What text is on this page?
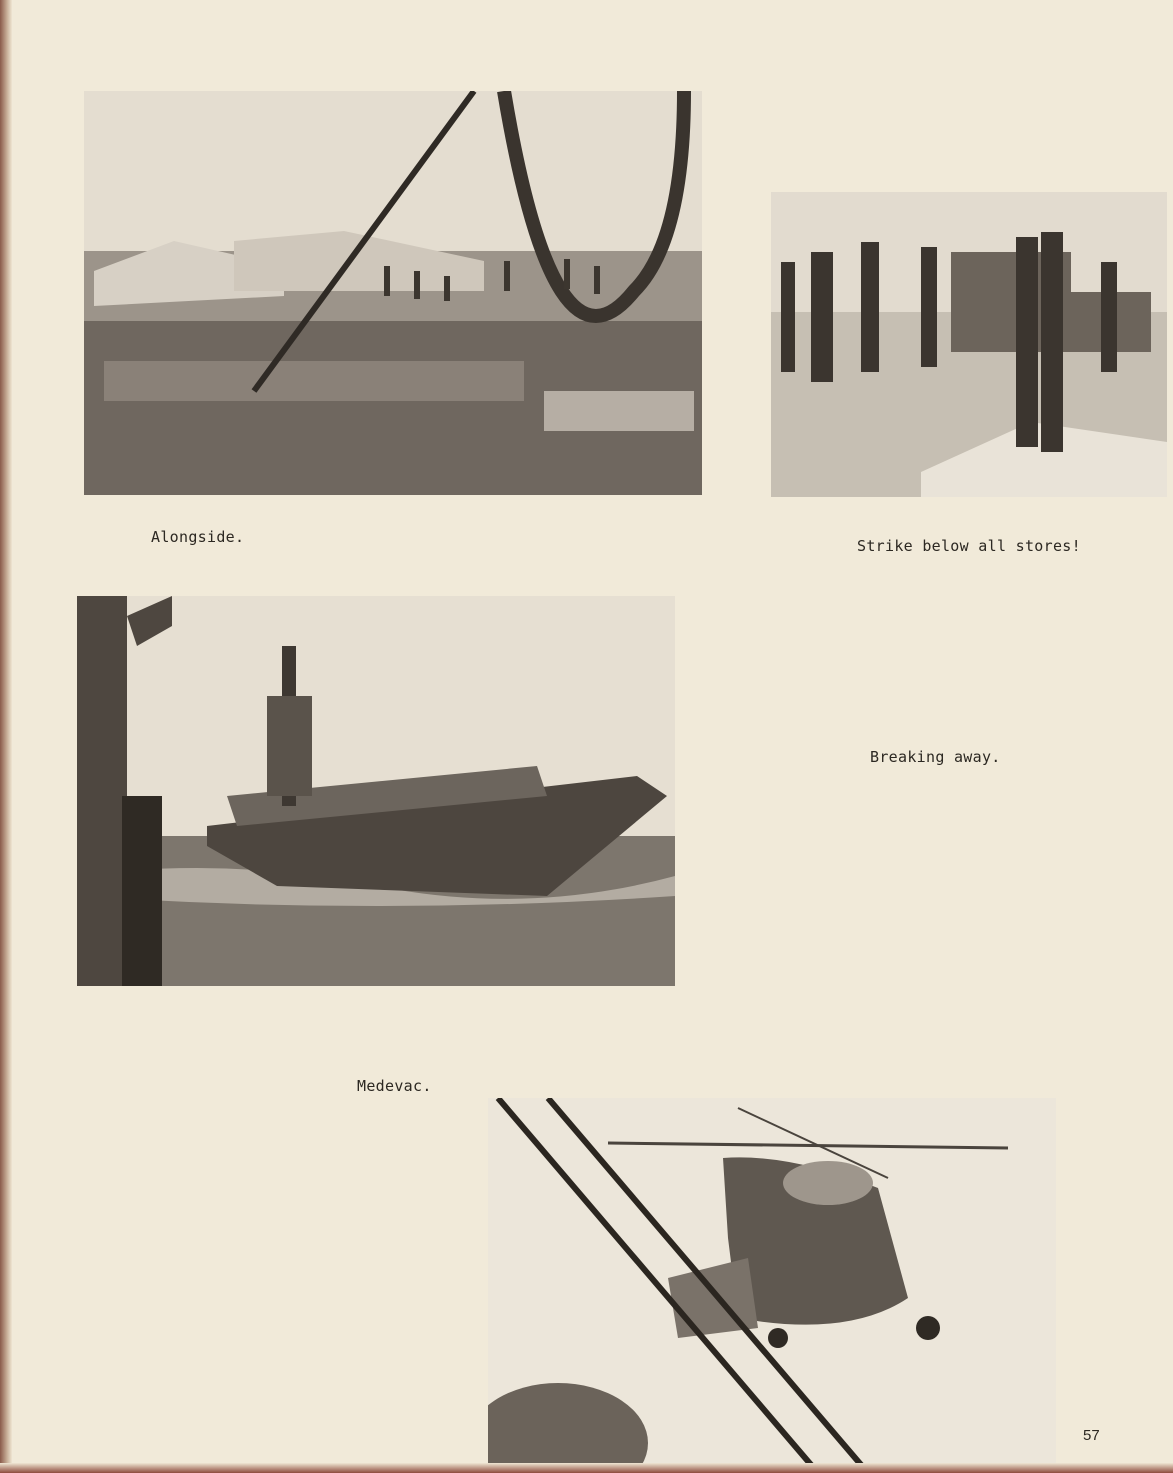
Alongside.	Strike below all stores!
Breaking away.
Medevac.
57
